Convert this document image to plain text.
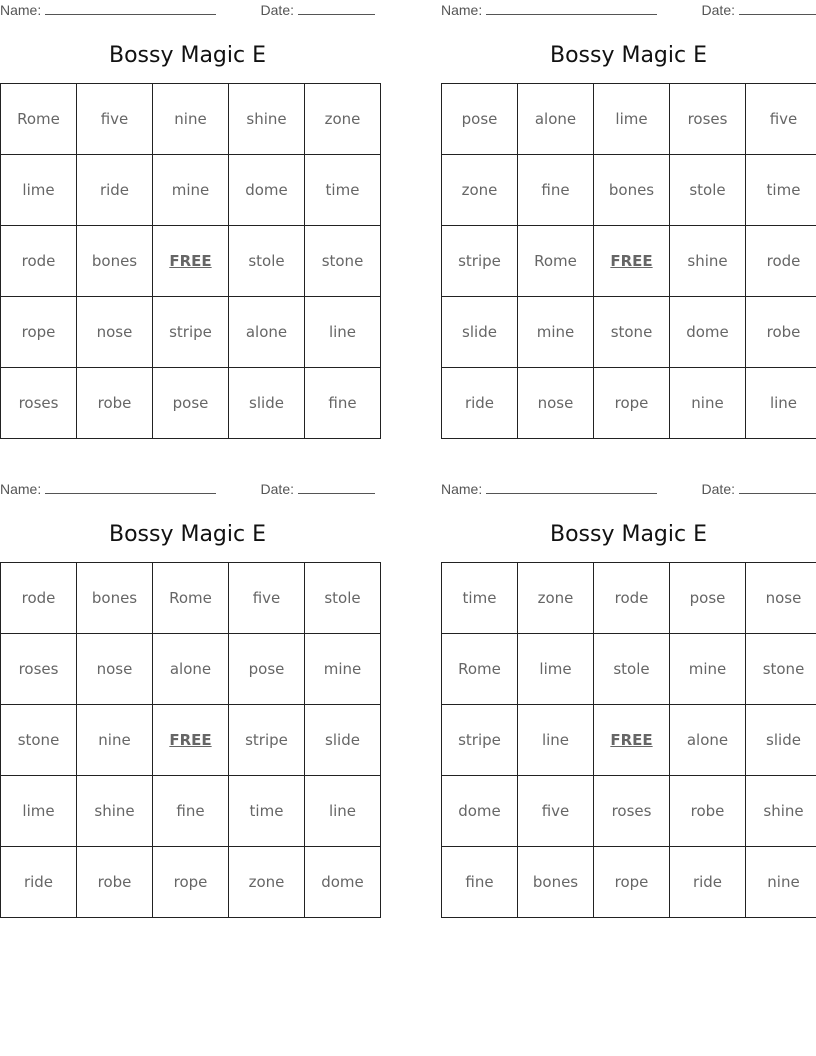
Name:	Date:
Bossy Magic E
Rome	five	nine	shine	zone
lime	ride	mine	dome	time
rode	bones	FREE	stole	stone
rope	nose	stripe	alone	line
roses	robe	pose	slide	fine
Name:	Date:
Bossy Magic E
pose	alone	lime	roses	five
zone	fine	bones	stole	time
stripe	Rome	FREE	shine	rode
slide	mine	stone	dome	robe
ride	nose	rope	nine	line
Name:	Date:
Bossy Magic E
rode	bones	Rome	five	stole
roses	nose	alone	pose	mine
stone	nine	FREE	stripe	slide
lime	shine	fine	time	line
ride	robe	rope	zone	dome
Name:	Date:
Bossy Magic E
time	zone	rode	pose	nose
Rome	lime	stole	mine	stone
stripe	line	FREE	alone	slide
dome	five	roses	robe	shine
fine	bones	rope	ride	nine
